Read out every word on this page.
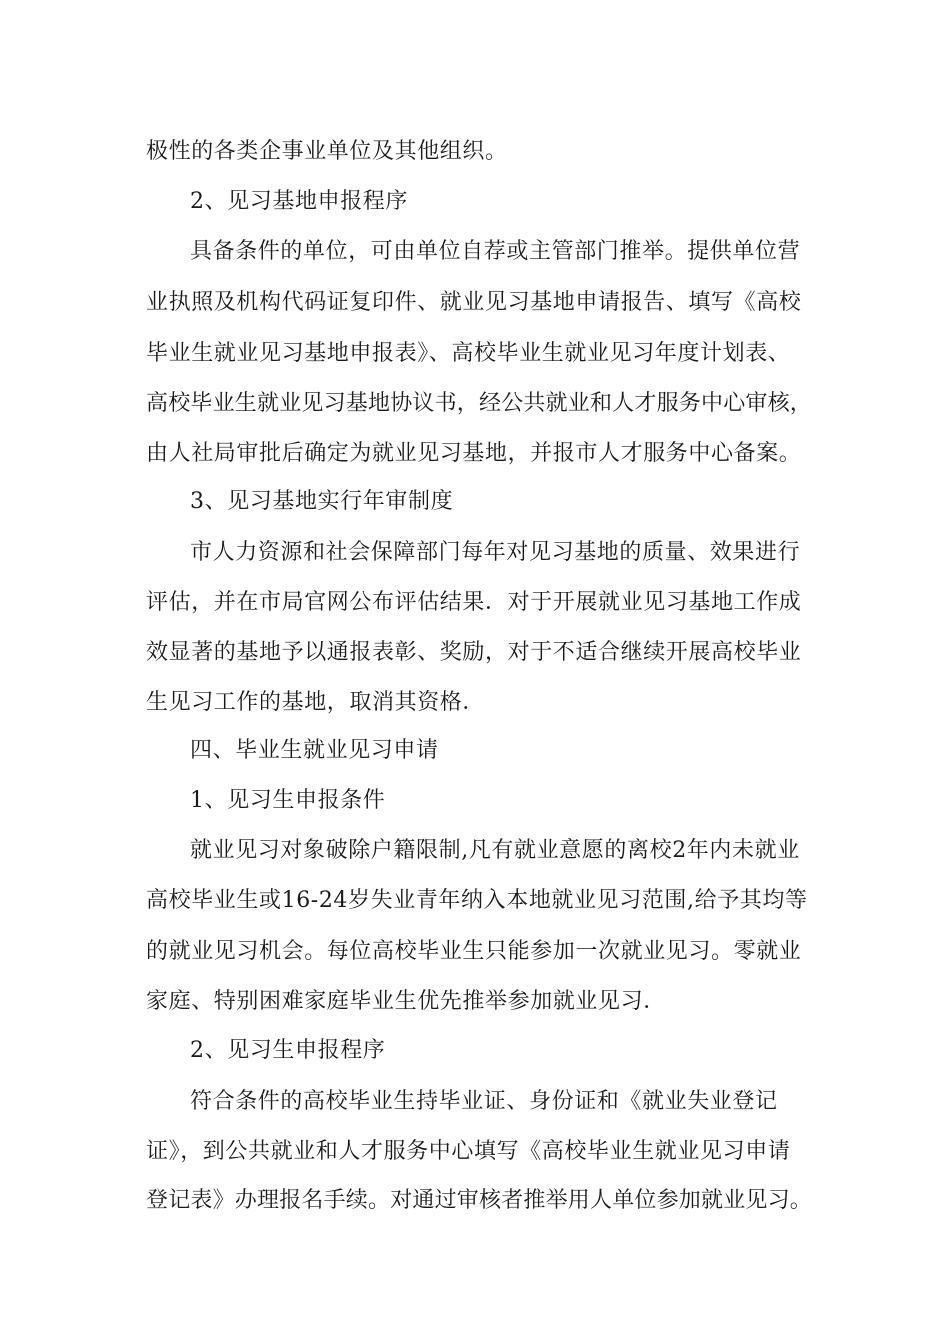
极性的各类企事业单位及其他组织。
2、见习基地申报程序
具备条件的单位，可由单位自荐或主管部门推举。提供单位营
业执照及机构代码证复印件、就业见习基地申请报告、填写《高校
毕业生就业见习基地申报表》、高校毕业生就业见习年度计划表、
高校毕业生就业见习基地协议书，经公共就业和人才服务中心审核，
由人社局审批后确定为就业见习基地，并报市人才服务中心备案。
3、见习基地实行年审制度
市人力资源和社会保障部门每年对见习基地的质量、效果进行
评估，并在市局官网公布评估结果．对于开展就业见习基地工作成
效显著的基地予以通报表彰、奖励，对于不适合继续开展高校毕业
生见习工作的基地，取消其资格．
四、毕业生就业见习申请
1、见习生申报条件
就业见习对象破除户籍限制,凡有就业意愿的离校2年内未就业
高校毕业生或16-24岁失业青年纳入本地就业见习范围,给予其均等
的就业见习机会。每位高校毕业生只能参加一次就业见习。零就业
家庭、特别困难家庭毕业生优先推举参加就业见习．
2、见习生申报程序
符合条件的高校毕业生持毕业证、身份证和《就业失业登记
证》，到公共就业和人才服务中心填写《高校毕业生就业见习申请
登记表》办理报名手续。对通过审核者推举用人单位参加就业见习。
